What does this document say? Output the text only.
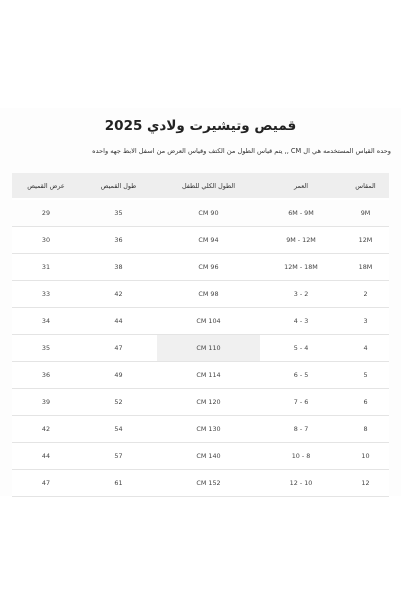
قميص وتيشيرت ولادي 2025
وحده القياس المستخدمه هي ال CM ,, يتم قياس الطول من الكتف وقياس العرض من اسفل الابط جهه واحده
المقاس	العمر	الطول الكلي للطفل	طول القميص	عرض القميص
9M	6M - 9M	CM 90	35	29
12M	9M - 12M	CM 94	36	30
18M	12M - 18M	CM 96	38	31
2	2 - 3	CM 98	42	33
3	3 - 4	CM 104	44	34
4	4 - 5	CM 110	47	35
5	5 - 6	CM 114	49	36
6	6 - 7	CM 120	52	39
8	7 - 8	CM 130	54	42
10	8 - 10	CM 140	57	44
12	10 - 12	CM 152	61	47
